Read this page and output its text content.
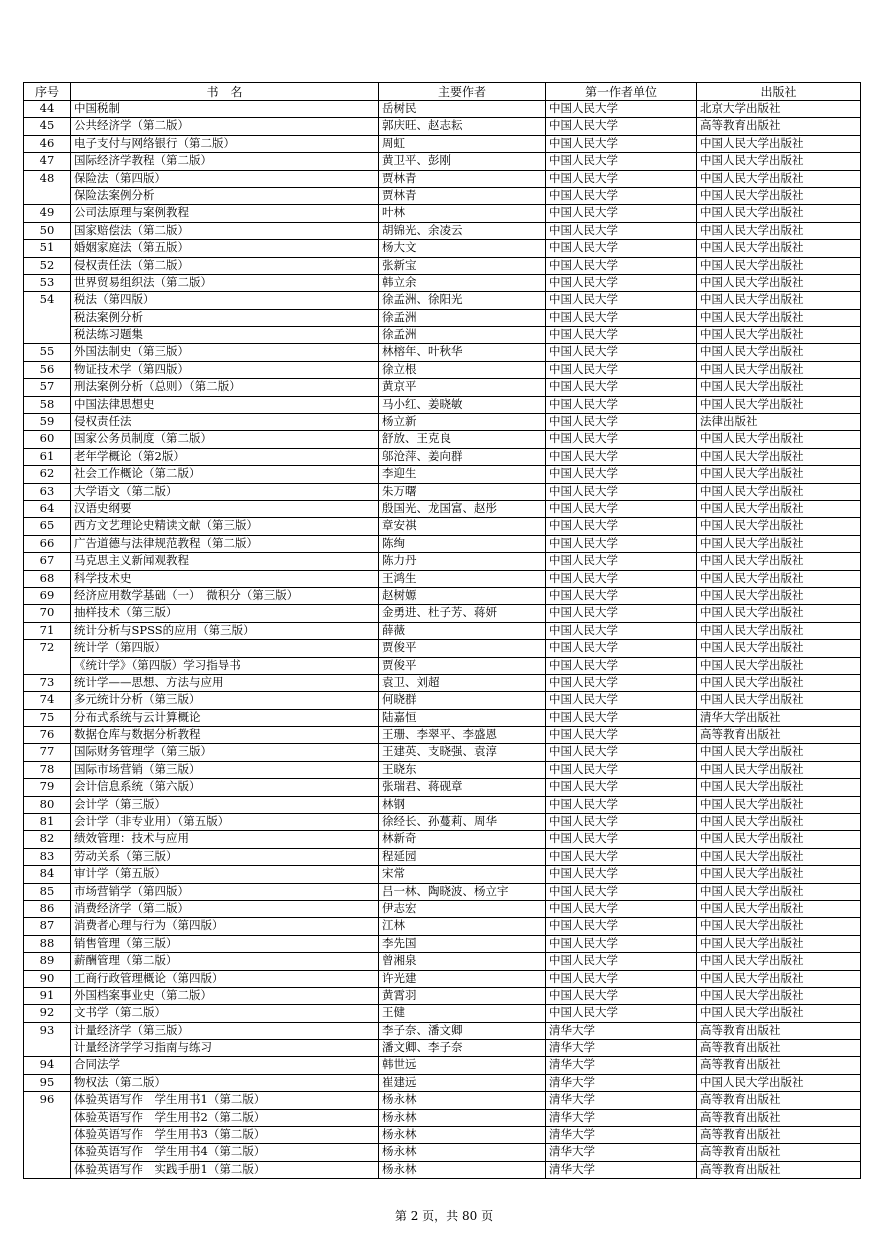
序号	书　名	主要作者	第一作者单位	出版社
44	中国税制	岳树民	中国人民大学	北京大学出版社
45	公共经济学（第二版）	郭庆旺、赵志耘	中国人民大学	高等教育出版社
46	电子支付与网络银行（第二版）	周虹	中国人民大学	中国人民大学出版社
47	国际经济学教程（第二版）	黄卫平、彭刚	中国人民大学	中国人民大学出版社
48	保险法（第四版）	贾林青	中国人民大学	中国人民大学出版社
	保险法案例分析	贾林青	中国人民大学	中国人民大学出版社
49	公司法原理与案例教程	叶林	中国人民大学	中国人民大学出版社
50	国家赔偿法（第二版）	胡锦光、余凌云	中国人民大学	中国人民大学出版社
51	婚姻家庭法（第五版）	杨大文	中国人民大学	中国人民大学出版社
52	侵权责任法（第二版）	张新宝	中国人民大学	中国人民大学出版社
53	世界贸易组织法（第二版）	韩立余	中国人民大学	中国人民大学出版社
54	税法（第四版）	徐孟洲、徐阳光	中国人民大学	中国人民大学出版社
	税法案例分析	徐孟洲	中国人民大学	中国人民大学出版社
	税法练习题集	徐孟洲	中国人民大学	中国人民大学出版社
55	外国法制史（第三版）	林榕年、叶秋华	中国人民大学	中国人民大学出版社
56	物证技术学（第四版）	徐立根	中国人民大学	中国人民大学出版社
57	刑法案例分析（总则）（第二版）	黄京平	中国人民大学	中国人民大学出版社
58	中国法律思想史	马小红、姜晓敏	中国人民大学	中国人民大学出版社
59	侵权责任法	杨立新	中国人民大学	法律出版社
60	国家公务员制度（第二版）	舒放、王克良	中国人民大学	中国人民大学出版社
61	老年学概论（第2版）	邬沧萍、姜向群	中国人民大学	中国人民大学出版社
62	社会工作概论（第二版）	李迎生	中国人民大学	中国人民大学出版社
63	大学语文（第二版）	朱万曙	中国人民大学	中国人民大学出版社
64	汉语史纲要	殷国光、龙国富、赵彤	中国人民大学	中国人民大学出版社
65	西方文艺理论史精读文献（第三版）	章安祺	中国人民大学	中国人民大学出版社
66	广告道德与法律规范教程（第二版）	陈绚	中国人民大学	中国人民大学出版社
67	马克思主义新闻观教程	陈力丹	中国人民大学	中国人民大学出版社
68	科学技术史	王鸿生	中国人民大学	中国人民大学出版社
69	经济应用数学基础（一）　微积分（第三版）	赵树嫄	中国人民大学	中国人民大学出版社
70	抽样技术（第三版）	金勇进、杜子芳、蒋妍	中国人民大学	中国人民大学出版社
71	统计分析与SPSS的应用（第三版）	薛薇	中国人民大学	中国人民大学出版社
72	统计学（第四版）	贾俊平	中国人民大学	中国人民大学出版社
	《统计学》（第四版）学习指导书	贾俊平	中国人民大学	中国人民大学出版社
73	统计学——思想、方法与应用	袁卫、刘超	中国人民大学	中国人民大学出版社
74	多元统计分析（第三版）	何晓群	中国人民大学	中国人民大学出版社
75	分布式系统与云计算概论	陆嘉恒	中国人民大学	清华大学出版社
76	数据仓库与数据分析教程	王珊、李翠平、李盛恩	中国人民大学	高等教育出版社
77	国际财务管理学（第三版）	王建英、支晓强、袁淳	中国人民大学	中国人民大学出版社
78	国际市场营销（第三版）	王晓东	中国人民大学	中国人民大学出版社
79	会计信息系统（第六版）	张瑞君、蒋砚章	中国人民大学	中国人民大学出版社
80	会计学（第三版）	林钢	中国人民大学	中国人民大学出版社
81	会计学（非专业用）（第五版）	徐经长、孙蔓莉、周华	中国人民大学	中国人民大学出版社
82	绩效管理：技术与应用	林新奇	中国人民大学	中国人民大学出版社
83	劳动关系（第三版）	程延园	中国人民大学	中国人民大学出版社
84	审计学（第五版）	宋常	中国人民大学	中国人民大学出版社
85	市场营销学（第四版）	吕一林、陶晓波、杨立宇	中国人民大学	中国人民大学出版社
86	消费经济学（第二版）	伊志宏	中国人民大学	中国人民大学出版社
87	消费者心理与行为（第四版）	江林	中国人民大学	中国人民大学出版社
88	销售管理（第三版）	李先国	中国人民大学	中国人民大学出版社
89	薪酬管理（第二版）	曾湘泉	中国人民大学	中国人民大学出版社
90	工商行政管理概论（第四版）	许光建	中国人民大学	中国人民大学出版社
91	外国档案事业史（第二版）	黄霄羽	中国人民大学	中国人民大学出版社
92	文书学（第二版）	王健	中国人民大学	中国人民大学出版社
93	计量经济学（第三版）	李子奈、潘文卿	清华大学	高等教育出版社
	计量经济学学习指南与练习	潘文卿、李子奈	清华大学	高等教育出版社
94	合同法学	韩世远	清华大学	高等教育出版社
95	物权法（第二版）	崔建远	清华大学	中国人民大学出版社
96	体验英语写作　学生用书1（第二版）	杨永林	清华大学	高等教育出版社
	体验英语写作　学生用书2（第二版）	杨永林	清华大学	高等教育出版社
	体验英语写作　学生用书3（第二版）	杨永林	清华大学	高等教育出版社
	体验英语写作　学生用书4（第二版）	杨永林	清华大学	高等教育出版社
	体验英语写作　实践手册1（第二版）	杨永林	清华大学	高等教育出版社
第 2 页，共 80 页
